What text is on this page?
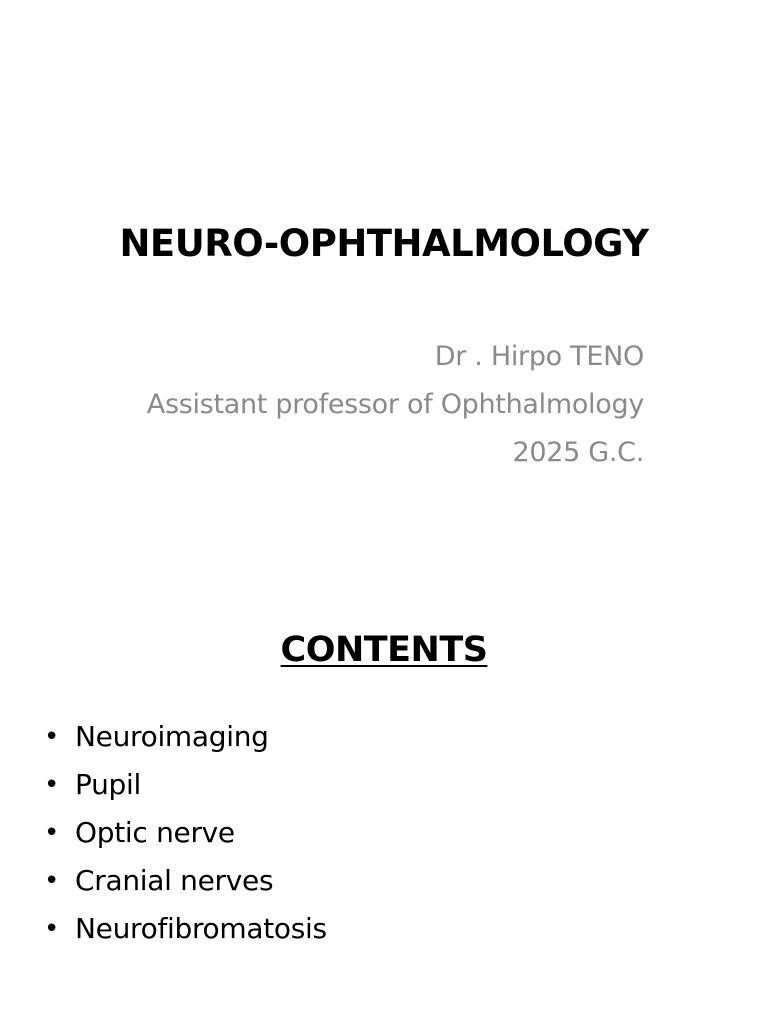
NEURO-OPHTHALMOLOGY
Dr . Hirpo TENO
Assistant professor of Ophthalmology
2025 G.C.
CONTENTS
• Neuroimaging
• Pupil
• Optic nerve
• Cranial nerves
• Neurofibromatosis
